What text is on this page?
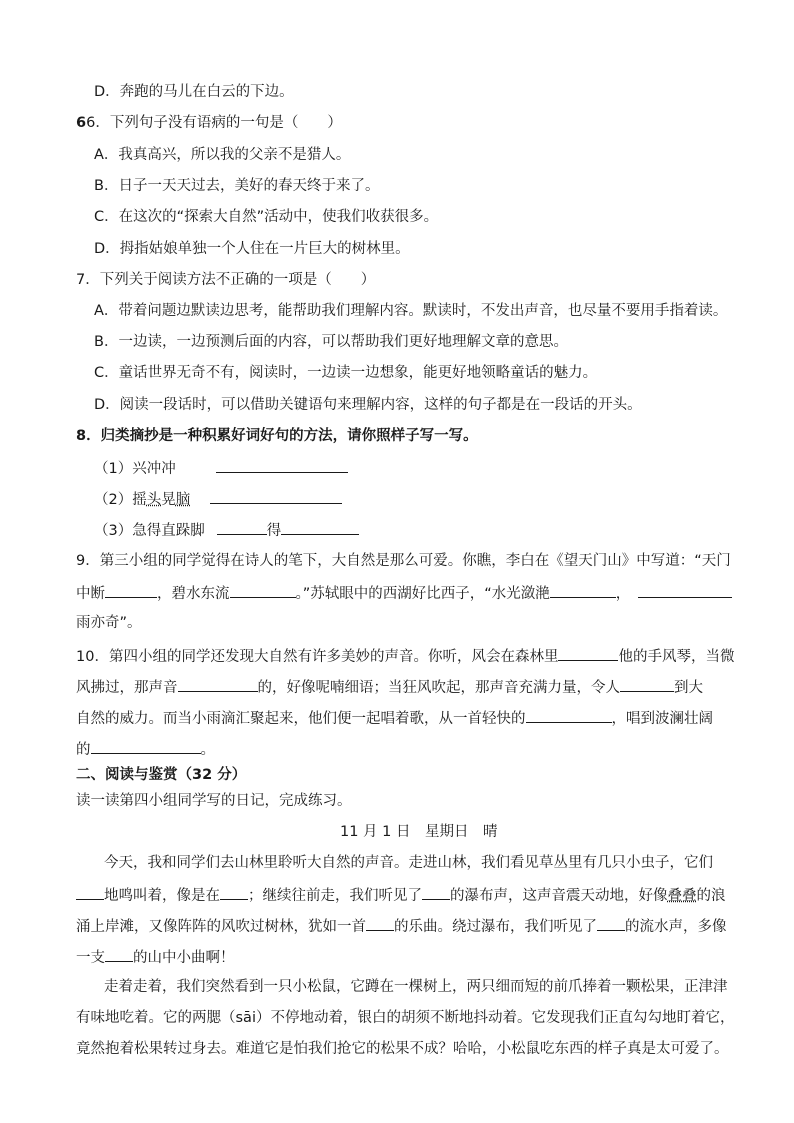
D．奔跑的马儿在白云的下边。
66．下列句子没有语病的一句是（　　）
A．我真高兴，所以我的父亲不是猎人。
B．日子一天天过去，美好的春天终于来了。
C．在这次的“探索大自然”活动中，使我们收获很多。
D．拇指姑娘单独一个人住在一片巨大的树林里。
7．下列关于阅读方法不正确的一项是（　　）
A．带着问题边默读边思考，能帮助我们理解内容。默读时，不发出声音，也尽量不要用手指着读。
B．一边读，一边预测后面的内容，可以帮助我们更好地理解文章的意思。
C．童话世界无奇不有，阅读时，一边读一边想象，能更好地领略童话的魅力。
D．阅读一段话时，可以借助关键语句来理解内容，这样的句子都是在一段话的开头。
8．归类摘抄是一种积累好词好句的方法，请你照样子写一写。
（1）兴冲冲
（2）摇头晃脑
（3）急得直跺脚	得
9．第三小组的同学觉得在诗人的笔下，大自然是那么可爱。你瞧，李白在《望天门山》中写道：“天门
中断	，碧水东流	。”苏轼眼中的西湖好比西子，“水光潋滟	，
雨亦奇”。
10．第四小组的同学还发现大自然有许多美妙的声音。你听，风会在森林里	他的手风琴，当微
风拂过，那声音	的，好像呢喃细语；当狂风吹起，那声音充满力量，令人	到大
自然的威力。而当小雨滴汇聚起来，他们便一起唱着歌，从一首轻快的	，唱到波澜壮阔
的	。
二、阅读与鉴赏（32 分）
读一读第四小组同学写的日记，完成练习。
11 月 1 日　星期日　晴
今天，我和同学们去山林里聆听大自然的声音。走进山林，我们看见草丛里有几只小虫子，它们
地鸣叫着，像是在 ；继续往前走，我们听见了 的瀑布声，这声音震天动地，好像叠叠的浪
涌上岸滩，又像阵阵的风吹过树林，犹如一首 的乐曲。绕过瀑布，我们听见了 的流水声，多像
一支 的山中小曲啊！
走着走着，我们突然看到一只小松鼠，它蹲在一棵树上，两只细而短的前爪捧着一颗松果，正津津
有味地吃着。它的两腮（sāi）不停地动着，银白的胡须不断地抖动着。它发现我们正直勾勾地盯着它，
竟然抱着松果转过身去。难道它是怕我们抢它的松果不成？哈哈，小松鼠吃东西的样子真是太可爱了。
